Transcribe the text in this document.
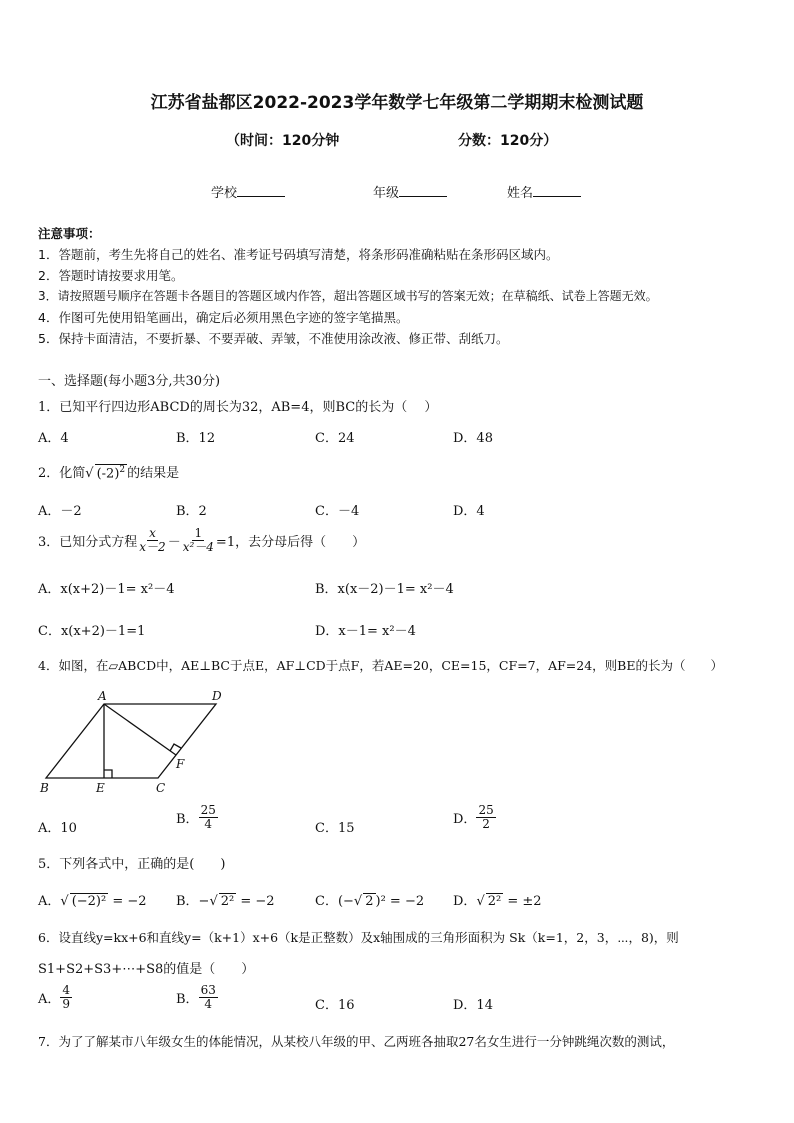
江苏省盐都区2022-2023学年数学七年级第二学期期末检测试题
（时间：120分钟	分数：120分）
学校	年级	姓名
注意事项：
1．答题前，考生先将自己的姓名、准考证号码填写清楚，将条形码准确粘贴在条形码区域内。
2．答题时请按要求用笔。
3．请按照题号顺序在答题卡各题目的答题区域内作答，超出答题区域书写的答案无效；在草稿纸、试卷上答题无效。
4．作图可先使用铅笔画出，确定后必须用黑色字迹的签字笔描黑。
5．保持卡面清洁，不要折暴、不要弄破、弄皱，不准使用涂改液、修正带、刮纸刀。
一、选择题(每小题3分,共30分)
1．已知平行四边形ABCD的周长为32，AB=4，则BC的长为（　 ）
A．4	B．12	C．24	D．48
2．化简√ $(-2)^2$ 的结果是
A．－2	B．2	C．－4	D．4
3．已知分式方程 $\frac{x}{x-2} - \frac{1}{\text{x²－4}} =1$，去分母后得（　　）
A．x(x+2)－1= x²－4	B．x(x－2)－1= x²－4
C．x(x+2)－1=1	D．x－1= x²－4
4．如图，在▱ABCD中，AE⊥BC于点E，AF⊥CD于点F，若AE=20，CE=15，CF=7，AF=24，则BE的长为（　　）
A	D
B	E	C
F
A．10
B． $\frac{25}{4}$	C．15
D． $\frac{25}{2}$
5．下列各式中，正确的是(　　)
A．√ (−2)² = −2 B．−√ 2² = −2	C．(−√ 2 )² = −2 D．√ 2² = ±2
6．设直线y=kx+6和直线y=（k+1）x+6（k是正整数）及x轴围成的三角形面积为 Sk（k=1，2，3，⋯，8)，则
S1+S2+S3+⋯+S8的值是（　　）
A． $\frac{4}{9}$	B． $\frac{63}{4}$	C．16	D．14
7．为了了解某市八年级女生的体能情况，从某校八年级的甲、乙两班各抽取27名女生进行一分钟跳绳次数的测试，
